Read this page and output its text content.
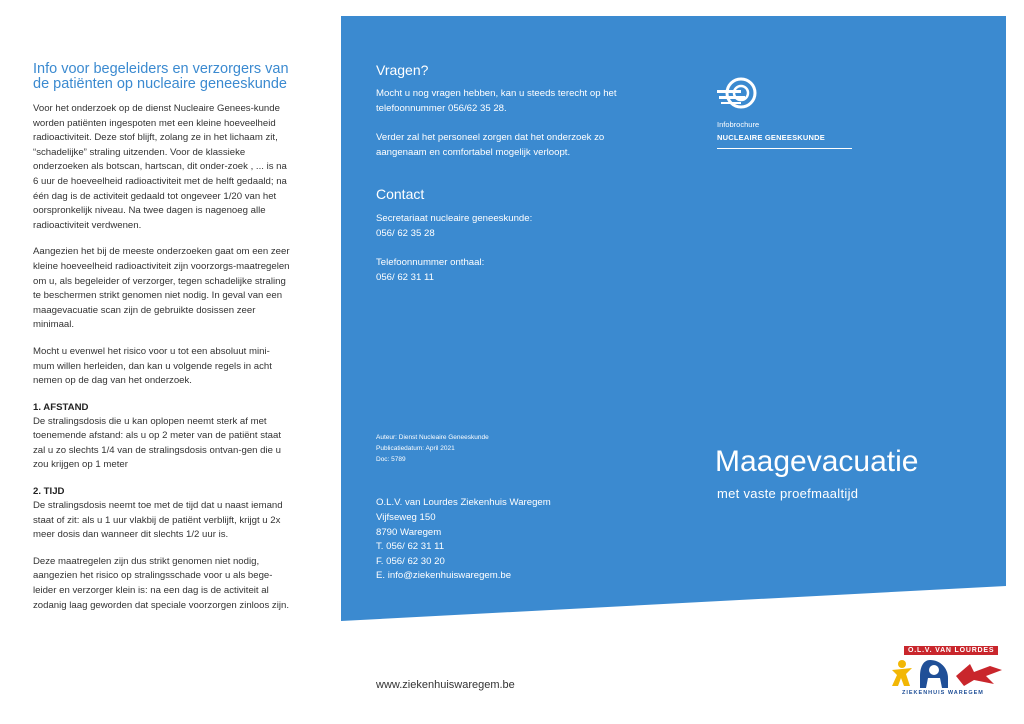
Info voor begeleiders en verzorgers van de patiënten op nucleaire geneeskunde

Voor het onderzoek op de dienst Nucleaire Genees-kunde worden patiënten ingespoten met een kleine hoeveelheid radioactiviteit. Deze stof blijft, zolang ze in het lichaam zit, “schadelijke” straling uitzenden. Voor de klassieke onderzoeken als botscan, hartscan, dit onder-zoek , ... is na 6 uur de hoeveelheid radioactiviteit met de helft gedaald; na één dag is de activiteit gedaald tot ongeveer 1/20 van het oorspronkelijk niveau. Na twee dagen is nagenoeg alle radioactiviteit verdwenen.

Aangezien het bij de meeste onderzoeken gaat om een zeer kleine hoeveelheid radioactiviteit zijn voorzorgs-maatregelen om u, als begeleider of verzorger, tegen schadelijke straling te beschermen strikt genomen niet nodig. In geval van een maagevacuatie scan zijn de gebruikte dosissen zeer minimaal.

Mocht u evenwel het risico voor u tot een absoluut mini-mum willen herleiden, dan kan u volgende regels in acht nemen op de dag van het onderzoek.

1. AFSTAND

De stralingsdosis die u kan oplopen neemt sterk af met toenemende afstand: als u op 2 meter van de patiënt staat zal u zo slechts 1/4 van de stralingsdosis ontvan-gen die u zou krijgen op 1 meter

2. TIJD

De stralingsdosis neemt toe met de tijd dat u naast iemand staat of zit: als u 1 uur vlakbij de patiënt verblijft, krijgt u 2x meer dosis dan wanneer dit slechts 1/2 uur is.

Deze maatregelen zijn dus strikt genomen niet nodig, aangezien het risico op stralingsschade voor u als bege-leider en verzorger klein is: na een dag is de activiteit al zodanig laag geworden dat speciale voorzorgen zinloos zijn.

www.ziekenhuiswaregem.be
Vragen?
Mocht u nog vragen hebben, kan u steeds terecht op het telefoonnummer 056/62 35 28.
Verder zal het personeel zorgen dat het onderzoek zo aangenaam en comfortabel mogelijk verloopt.
Contact
Secretariaat nucleaire geneeskunde:
056/ 62 35 28
Telefoonnummer onthaal:
056/ 62 31 11
Auteur: Dienst Nucleaire Geneeskunde
Publicatiedatum: April 2021
Doc: 5789
O.L.V. van Lourdes Ziekenhuis Waregem
Vijfseweg 150
8790 Waregem
T. 056/ 62 31 11
F. 056/ 62 30 20
E. info@ziekenhuiswaregem.be
Infobrochure
NUCLEAIRE GENEESKUNDE
Maagevacuatie
met vaste proefmaaltijd
O.L.V. VAN LOURDES
ZIEKENHUIS WAREGEM
